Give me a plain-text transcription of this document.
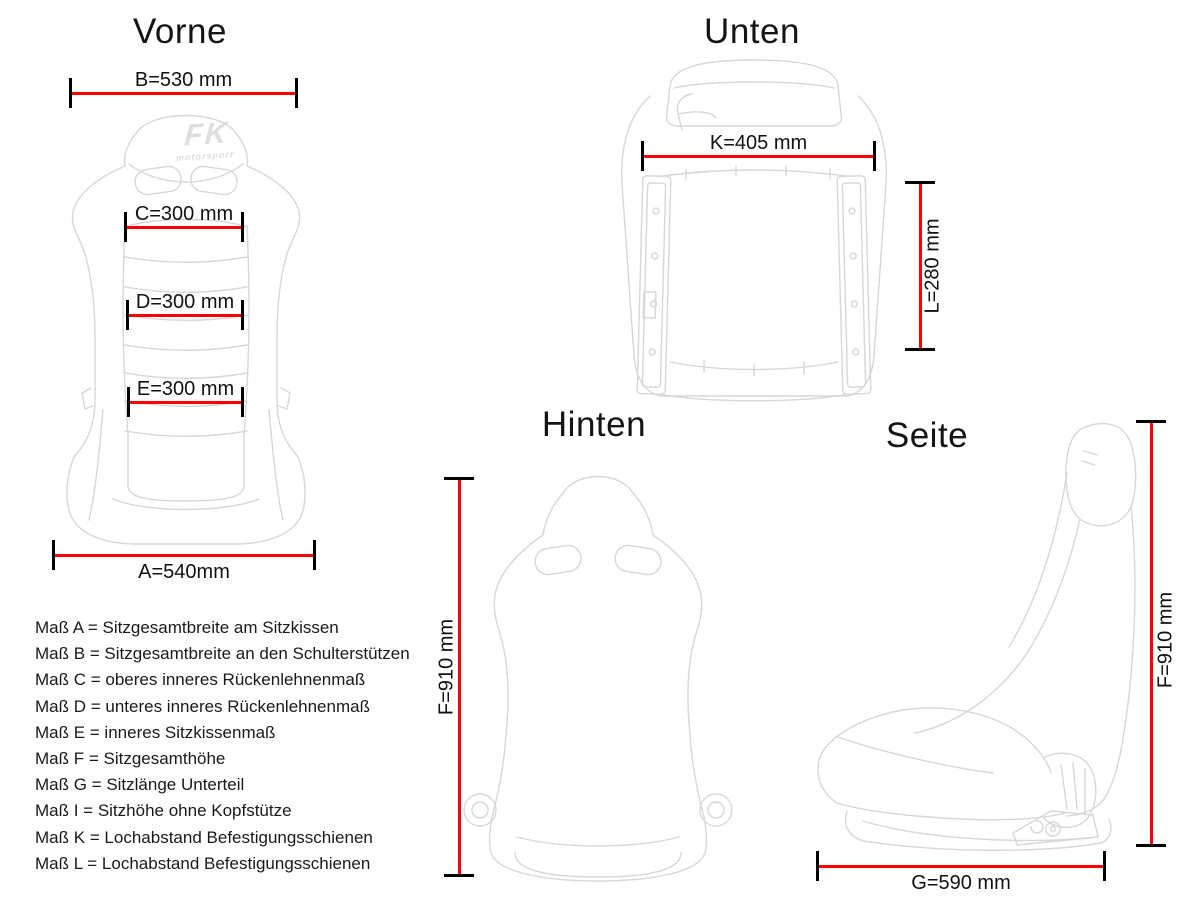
Vorne	Unten
Hinten	Seite
FK
motorsport
B=530 mm
C=300 mm
D=300 mm
E=300 mm
A=540mm
K=405 mm
L=280 mm
F=910 mm	F=910 mm
G=590 mm
Maß A = Sitzgesamtbreite am Sitzkissen
Maß B = Sitzgesamtbreite an den Schulterstützen
Maß C = oberes inneres Rückenlehnenmaß
Maß D = unteres inneres Rückenlehnenmaß
Maß E = inneres Sitzkissenmaß
Maß F = Sitzgesamthöhe
Maß G = Sitzlänge Unterteil
Maß I = Sitzhöhe ohne Kopfstütze
Maß K = Lochabstand Befestigungsschienen
Maß L = Lochabstand Befestigungsschienen
